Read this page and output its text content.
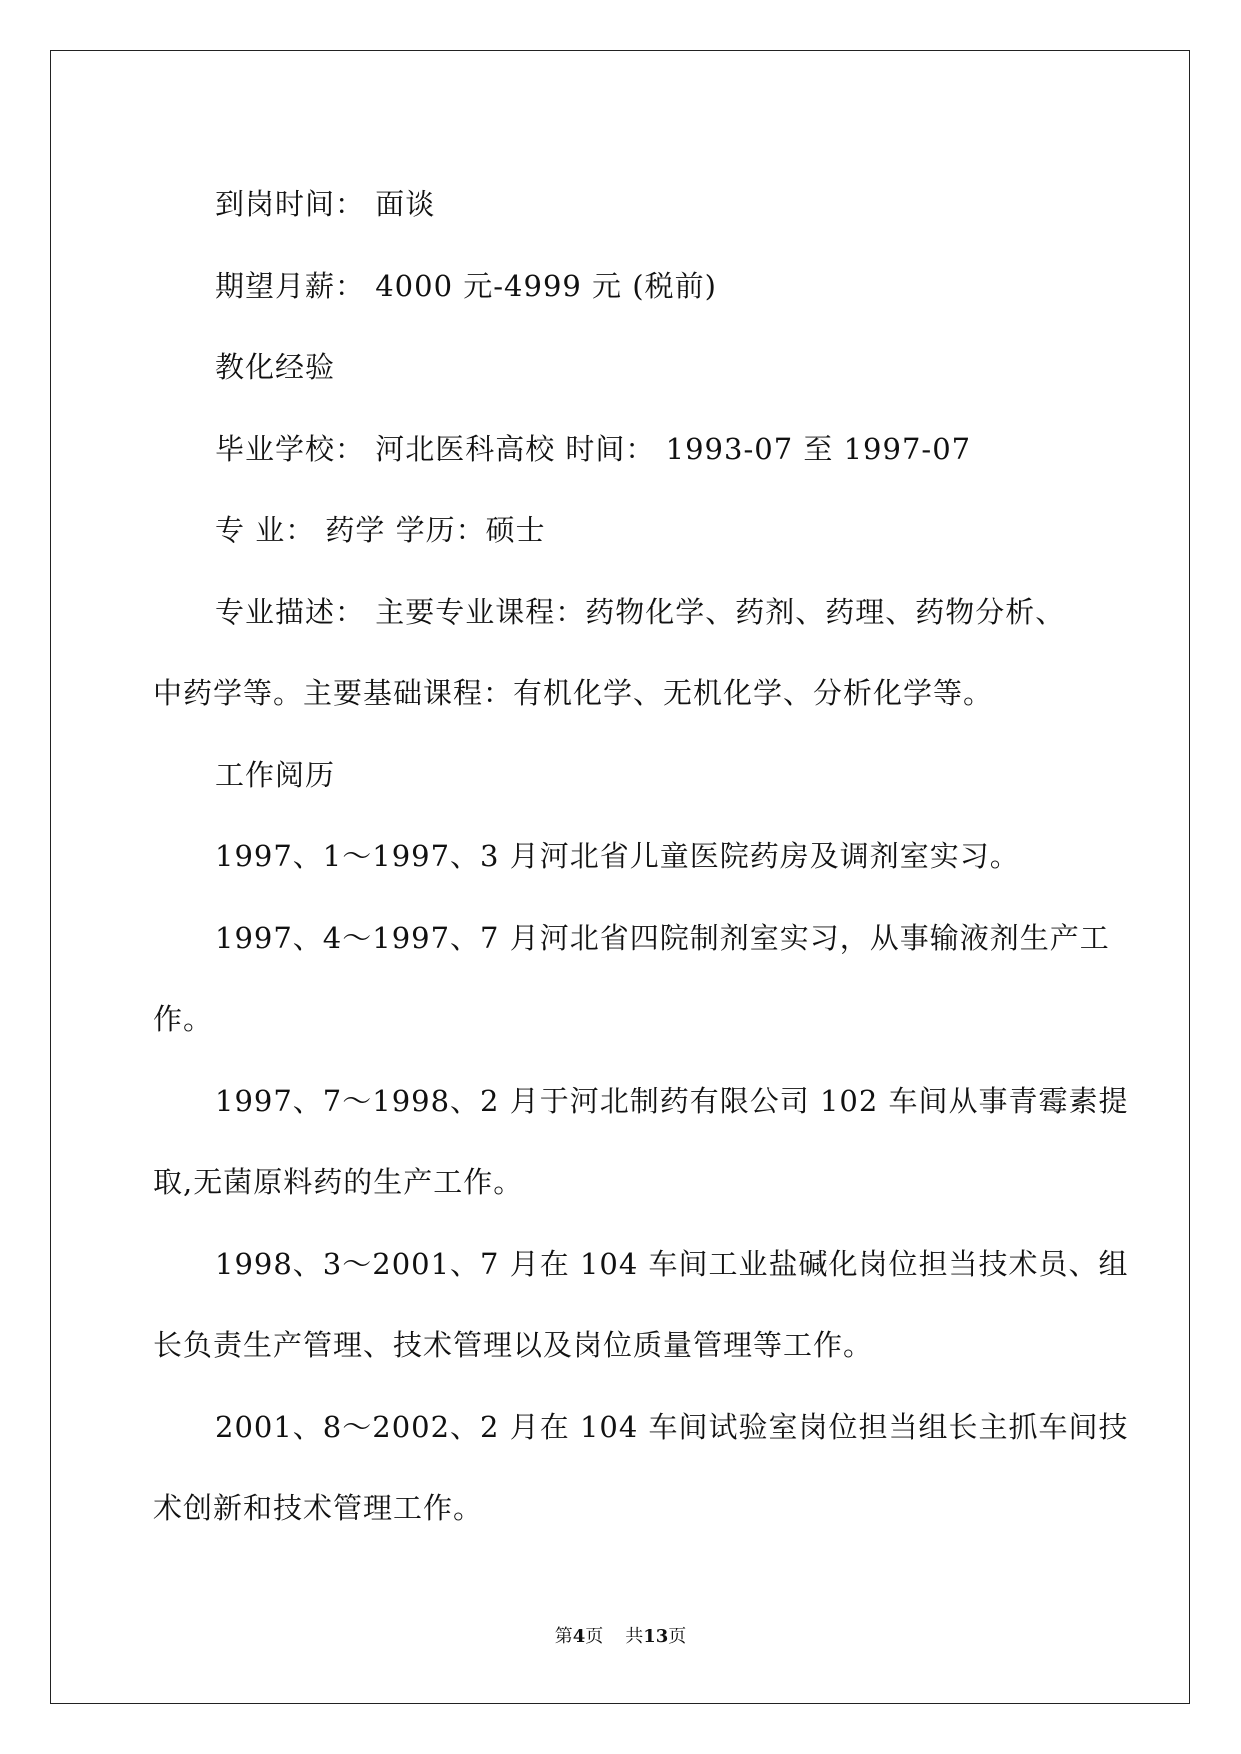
到岗时间： 面谈
期望月薪： 4000 元-4999 元 (税前)
教化经验
毕业学校： 河北医科高校 时间： 1993-07 至 1997-07
专 业： 药学 学历：硕士
专业描述： 主要专业课程：药物化学、药剂、药理、药物分析、
中药学等。主要基础课程：有机化学、无机化学、分析化学等。
工作阅历
1997、1～1997、3 月河北省儿童医院药房及调剂室实习。
1997、4～1997、7 月河北省四院制剂室实习，从事输液剂生产工
作。
1997、7～1998、2 月于河北制药有限公司 102 车间从事青霉素提
取,无菌原料药的生产工作。
1998、3～2001、7 月在 104 车间工业盐碱化岗位担当技术员、组
长负责生产管理、技术管理以及岗位质量管理等工作。
2001、8～2002、2 月在 104 车间试验室岗位担当组长主抓车间技
术创新和技术管理工作。
第4页 共13页
